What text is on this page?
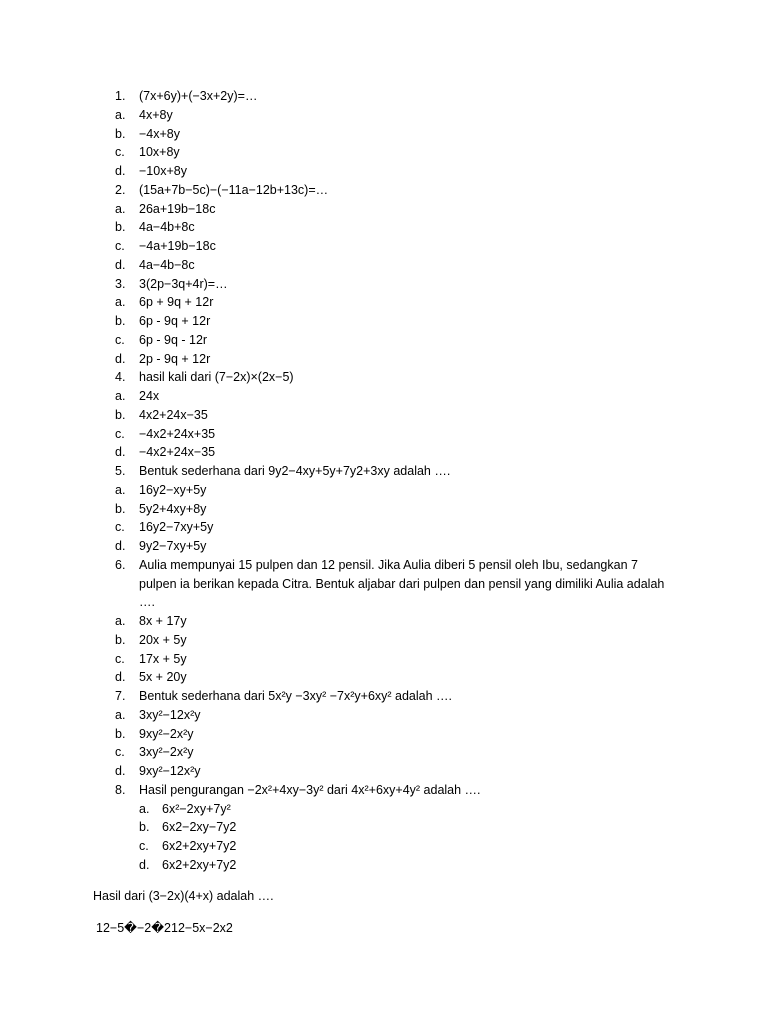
1. (7x+6y)+(−3x+2y)=…
a. 4x+8y
b. −4x+8y
c. 10x+8y
d. −10x+8y
2. (15a+7b−5c)−(−11a−12b+13c)=…
a. 26a+19b−18c
b. 4a−4b+8c
c. −4a+19b−18c
d. 4a−4b−8c
3. 3(2p−3q+4r)=…
a. 6p + 9q + 12r
b. 6p - 9q + 12r
c. 6p - 9q - 12r
d. 2p - 9q + 12r
4. hasil kali dari (7−2x)×(2x−5)
a. 24x
b. 4x2+24x−35
c. −4x2+24x+35
d. −4x2+24x−35
5. Bentuk sederhana dari 9y2−4xy+5y+7y2+3xy adalah ….
a. 16y2−xy+5y
b. 5y2+4xy+8y
c. 16y2−7xy+5y
d. 9y2−7xy+5y
6. Aulia mempunyai 15 pulpen dan 12 pensil. Jika Aulia diberi 5 pensil oleh Ibu, sedangkan 7 pulpen ia berikan kepada Citra. Bentuk aljabar dari pulpen dan pensil yang dimiliki Aulia adalah ….
a. 8x + 17y
b. 20x + 5y
c. 17x + 5y
d. 5x + 20y
7. Bentuk sederhana dari 5x²y −3xy² −7x²y+6xy² adalah ….
a. 3xy²−12x²y
b. 9xy²−2x²y
c. 3xy²−2x²y
d. 9xy²−12x²y
8. Hasil pengurangan −2x²+4xy−3y² dari 4x²+6xy+4y² adalah ….
a. 6x²−2xy+7y²
b. 6x2−2xy−7y2
c. 6x2+2xy+7y2
d. 6x2+2xy+7y2
Hasil dari (3−2x)(4+x) adalah ….
12−5�−2�212−5x−2x2
